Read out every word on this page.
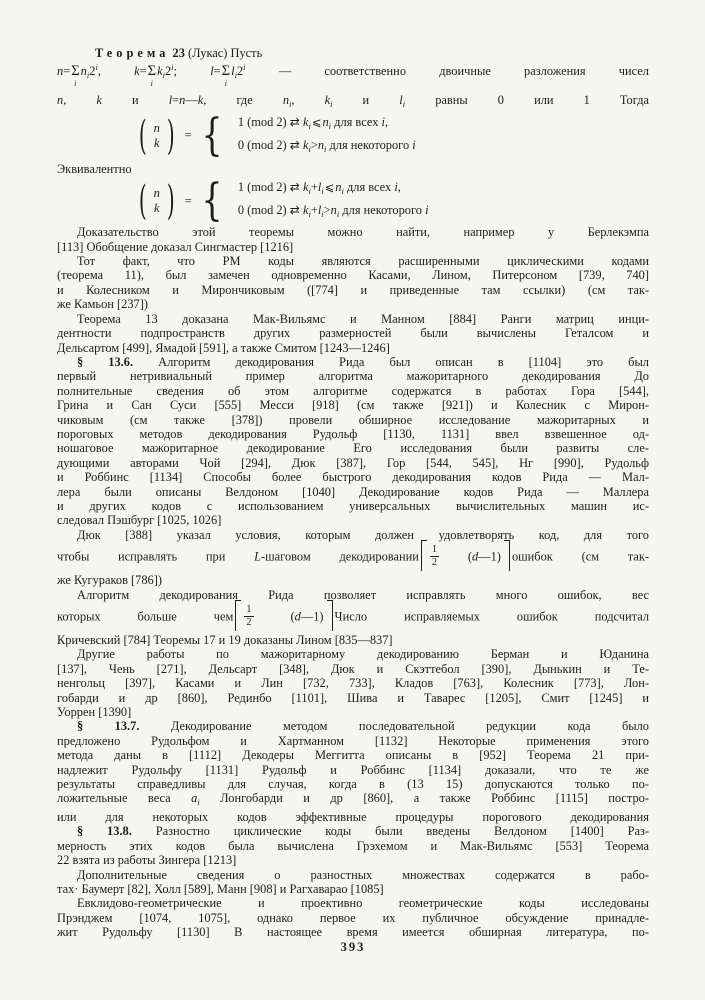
Теорема 23 (Лукас) Пусть
n=Σ
i
$n_i2^i$, k=Σ
i
$k_i2^i$; l=Σ
i
$l_i2^i$ — соответственно двоичные разложения чисел
n, k и l=n—k, где $n_i$, $k_i$ и $l_i$ равны 0 или 1 Тогда
( n
k ) = { 1 (mod 2) ⇄ $k_i⩽n_i$ для всех i,
0 (mod 2) ⇄ $k_i>n_i$ для некоторого i
Эквивалентно
( n
k ) = { 1 (mod 2) ⇄ $k_i+l_i⩽n_i$ для всех i,
0 (mod 2) ⇄ $k_i+l_i>n_i$ для некоторого i
Доказательство этой теоремы можно найти, например у Берлекэмпа
[113] Обобщение доказал Сингмастер [1216]
Тот факт, что РМ коды являются расширенными циклическими кодами
(теорема 11), был замечен одновременно Касами, Лином, Питерсоном [739, 740]
и Колесником и Мирончиковым ([774] и приведенные там ссылки) (см так-
же Камьон [237])
Теорема 13 доказана Мак-Вильямс и Манном [884] Ранги матриц инци-
дентности подпространств других размерностей были вычислены Геталсом и
Дельсартом [499], Ямадой [591], а также Смитом [1243—1246]
§ 13.6. Алгоритм декодирования Рида был описан в [1104] это был
первый нетривиальный пример алгоритма мажоритарного декодирования До
полнительные сведения об этом алгоритме содержатся в работах Гора [544],
Грина и Сан Суси [555] Месси [918] (см также [921]) и Колесник с Мирон-
чиковым (см также [378]) провели обширное исследование мажоритарных и
пороговых методов декодирования Рудольф [1130, 1131] ввел взвешенное од-
ношаговое мажоритарное декодирование Его исследования были развиты сле-
дующими авторами Чой [294], Дюк [387], Гор [544, 545], Нг [990], Рудольф
и Роббинс [1134] Способы более быстрого декодирования кодов Рида — Мал-
лера были описаны Велдоном [1040] Декодирование кодов Рида — Маллера
и других кодов с использованием универсальных вычислительных машин ис-
следовал Пэшбург [1025, 1026]
Дюк [388] указал условия, которым должен удовлетворять код, для того
чтобы исправлять при L-шаговом декодировании $\frac{1}{2}$ (d—1) ошибок (см так-
же Кугураков [786])
Алгоритм декодирования Рида позволяет исправлять много ошибок, вес
которых больше чем $\frac{1}{2}$ (d—1) Число исправляемых ошибок подсчитал
Кричевский [784] Теоремы 17 и 19 доказаны Лином [835—837]
Другие работы по мажоритарному декодированию Берман и Юданина
[137], Чень [271], Дельсарт [348], Дюк и Скэттебол [390], Дынькин и Те-
ненгольц [397], Касами и Лин [732, 733], Кладов [763], Колесник [773], Лон-
гобарди и др [860], Рединбо [1101], Шива и Таварес [1205], Смит [1245] и
Уоррен [1390]
§ 13.7. Декодирование методом последовательной редукции кода было
предложено Рудольфом и Хартманном [1132] Некоторые применения этого
метода даны в [1112] Декодеры Меггитта описаны в [952] Теорема 21 при-
надлежит Рудольфу [1131] Рудольф и Роббинс [1134] доказали, что те же
результаты справедливы для случая, когда в (13 15) допускаются только по-
ложительные веса $a_i$ Лонгобарди и др [860], а также Роббинс [1115] постро-
или для некоторых кодов эффективные процедуры порогового декодирования
§ 13.8. Разностно циклические коды были введены Велдоном [1400] Раз-
мерность этих кодов была вычислена Грэхемом и Мак-Вильямс [553] Теорема
22 взята из работы Зингера [1213]
Дополнительные сведения о разностных множествах содержатся в рабо-
тах· Баумерт [82], Холл [589], Манн [908] и Рагхаварао [1085]
Евклидово-геометрические и проективно геометрические коды исследованы
Прэнджем [1074, 1075], однако первое их публичное обсуждение принадле-
жит Рудольфу [1130] В настоящее время имеется обширная литература, по-
393
